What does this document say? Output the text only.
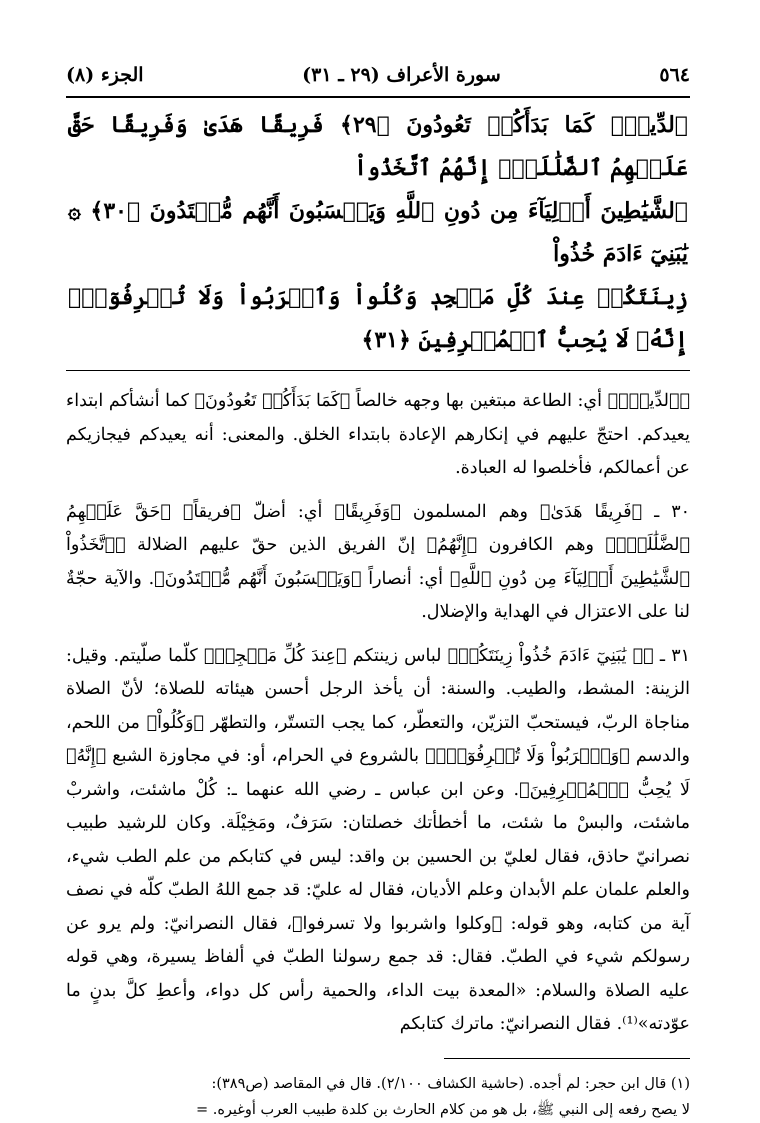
٥٦٤
سورة الأعراف (٢٩ ـ ٣١)
الجزء (٨)
ٱلدِّينَۚ كَمَا بَدَأَكُمۡ تَعُودُونَ ﴿٢٩﴾ فَرِيقًا هَدَىٰ وَفَرِيقًا حَقَّ عَلَيۡهِمُ ٱلضَّلَٰلَةُۚ إِنَّهُمُ ٱتَّخَذُواْ
ٱلشَّيَٰطِينَ أَوۡلِيَآءَ مِن دُونِ ٱللَّهِ وَيَحۡسَبُونَ أَنَّهُم مُّهۡتَدُونَ ﴿٣٠﴾ ۞ يَٰبَنِيٓ ءَادَمَ خُذُواْ
زِينَتَكُمۡ عِندَ كُلِّ مَسۡجِدٖ وَكُلُواْ وَٱشۡرَبُواْ وَلَا تُسۡرِفُوٓاْۚ إِنَّهُۥ لَا يُحِبُّ ٱلۡمُسۡرِفِينَ ﴿٣١﴾

﴿ٱلدِّينَۚ﴾ أي: الطاعة مبتغين بها وجهه خالصاً ﴿كَمَا بَدَأَكُمۡ تَعُودُونَ﴾ كما أنشأكم ابتداء يعيدكم. احتجّ عليهم في إنكارهم الإعادة بابتداء الخلق. والمعنى: أنه يعيدكم فيجازيكم عن أعمالكم، فأخلصوا له العبادة.

٣٠ ـ ﴿فَرِيقًا هَدَىٰ﴾ وهم المسلمون ﴿وَفَرِيقًا﴾ أي: أضلّ ﴿فريقاً﴾ ﴿حَقَّ عَلَيۡهِمُ ٱلضَّلَٰلَةُۚ﴾ وهم الكافرون ﴿إِنَّهُمُ﴾ إنّ الفريق الذين حقّ عليهم الضلالة ﴿ٱتَّخَذُواْ ٱلشَّيَٰطِينَ أَوۡلِيَآءَ مِن دُونِ ٱللَّهِ﴾ أي: أنصاراً ﴿وَيَحۡسَبُونَ أَنَّهُم مُّهۡتَدُونَ﴾. والآية حجّةٌ لنا على الاعتزال في الهداية والإضلال.

٣١ ـ ﴿۞ يَٰبَنِيٓ ءَادَمَ خُذُواْ زِينَتَكُمۡ﴾ لباس زينتكم ﴿عِندَ كُلِّ مَسۡجِدٖ﴾ كلّما صلّيتم. وقيل: الزينة: المشط، والطيب. والسنة: أن يأخذ الرجل أحسن هيئاته للصلاة؛ لأنّ الصلاة مناجاة الربّ، فيستحبّ التزيّن، والتعطّر، كما يجب التستّر، والتطهّر ﴿وَكُلُواْ﴾ من اللحم، والدسم ﴿وَٱشۡرَبُواْ وَلَا تُسۡرِفُوٓاْۚ﴾ بالشروع في الحرام، أو: في مجاوزة الشبع ﴿إِنَّهُۥ لَا يُحِبُّ ٱلۡمُسۡرِفِينَ﴾. وعن ابن عباس ـ رضي الله عنهما ـ: كُلْ ماشئت، واشربْ ماشئت، والبسْ ما شئت، ما أخطأتك خصلتان: سَرَفٌ، ومَخِيْلَة. وكان للرشيد طبيب نصرانيّ حاذق، فقال لعليّ بن الحسين بن واقد: ليس في كتابكم من علم الطب شيء، والعلم علمان علم الأبدان وعلم الأديان، فقال له عليّ: قد جمع اللهُ الطبّ كلّه في نصف آية من كتابه، وهو قوله: ﴿وكلوا واشربوا ولا تسرفوا﴾، فقال النصرانيّ: ولم يرو عن رسولكم شيء في الطبّ. فقال: قد جمع رسولنا الطبّ في ألفاظ يسيرة، وهي قوله عليه الصلاة والسلام: «المعدة بيت الداء، والحمية رأس كل دواء، وأعطِ كلَّ بدنٍ ما عوّدته»⁽¹⁾. فقال النصرانيّ: ماترك كتابكم

(١) قال ابن حجر: لم أجده. (حاشية الكشاف ٢/١٠٠). قال في المقاصد (ص٣٨٩):

لا يصح رفعه إلى النبي ﷺ، بل هو من كلام الحارث بن كلدة طبيب العرب أوغيره. =
